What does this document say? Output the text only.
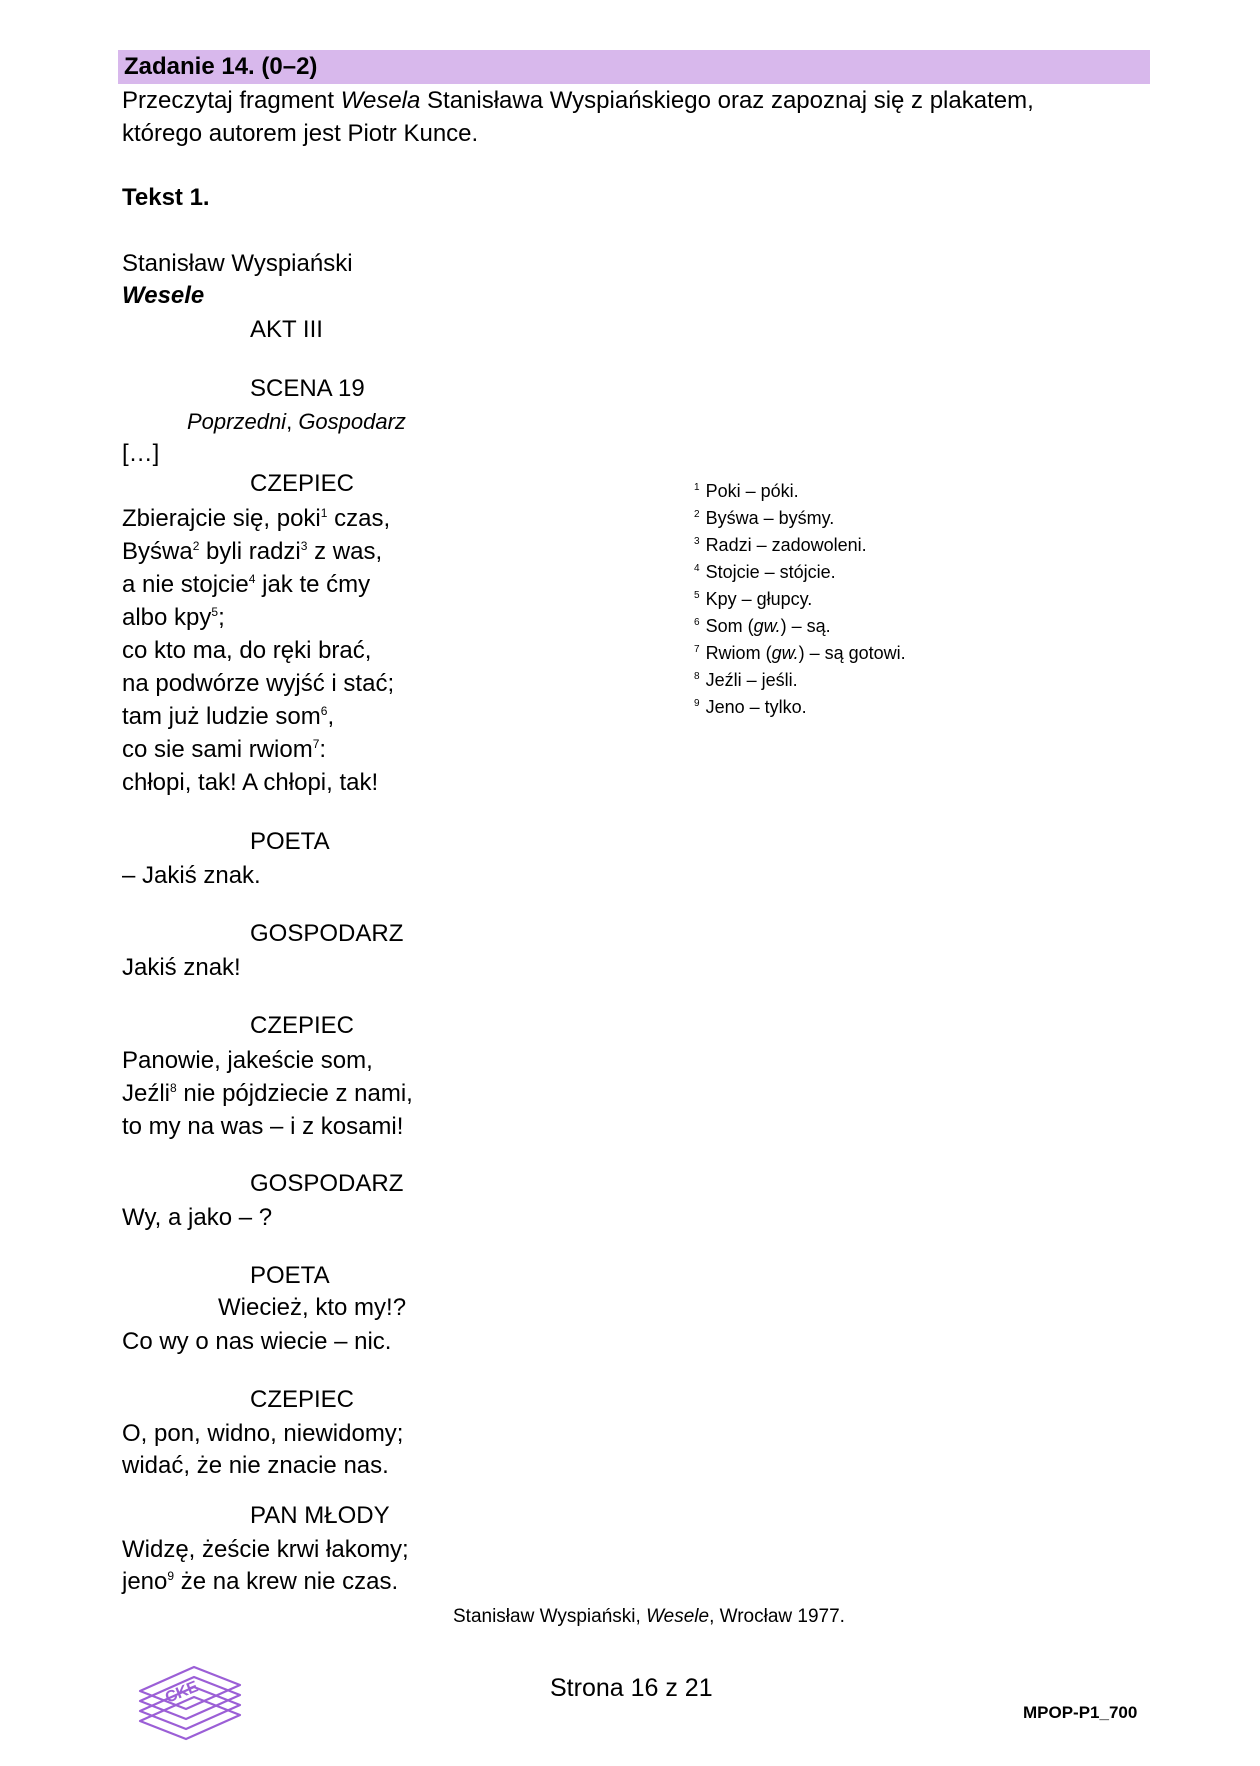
Zadanie 14. (0–2)
Przeczytaj fragment Wesela Stanisława Wyspiańskiego oraz zapoznaj się z plakatem,
którego autorem jest Piotr Kunce.
Tekst 1.
Stanisław Wyspiański
Wesele
AKT III
SCENA 19
Poprzedni, Gospodarz
[…]
CZEPIEC
Zbierajcie się, poki$^1$ czas,
Byśwa$^2$ byli radzi$^3$ z was,
a nie stojcie$^4$ jak te ćmy
albo kpy$^5$;
co kto ma, do ręki brać,
na podwórze wyjść i stać;
tam już ludzie som$^6$,
co sie sami rwiom$^7$:
chłopi, tak! A chłopi, tak!
POETA
– Jakiś znak.
GOSPODARZ
Jakiś znak!
CZEPIEC
Panowie, jakeście som,
Jeźli$^8$ nie pójdziecie z nami,
to my na was – i z kosami!
GOSPODARZ
Wy, a jako – ?
POETA
Wiecież, kto my!?
Co wy o nas wiecie – nic.
CZEPIEC
O, pon, widno, niewidomy;
widać, że nie znacie nas.
PAN MŁODY
Widzę, żeście krwi łakomy;
jeno$^9$ że na krew nie czas.
$^1$ Poki – póki.
$^2$ Byśwa – byśmy.
$^3$ Radzi – zadowoleni.
$^4$ Stojcie – stójcie.
$^5$ Kpy – głupcy.
$^6$ Som (gw.) – są.
$^7$ Rwiom (gw.) – są gotowi.
$^8$ Jeźli – jeśli.
$^9$ Jeno – tylko.
Stanisław Wyspiański, Wesele, Wrocław 1977.
CKE	Strona 16 z 21
MPOP-P1_700
